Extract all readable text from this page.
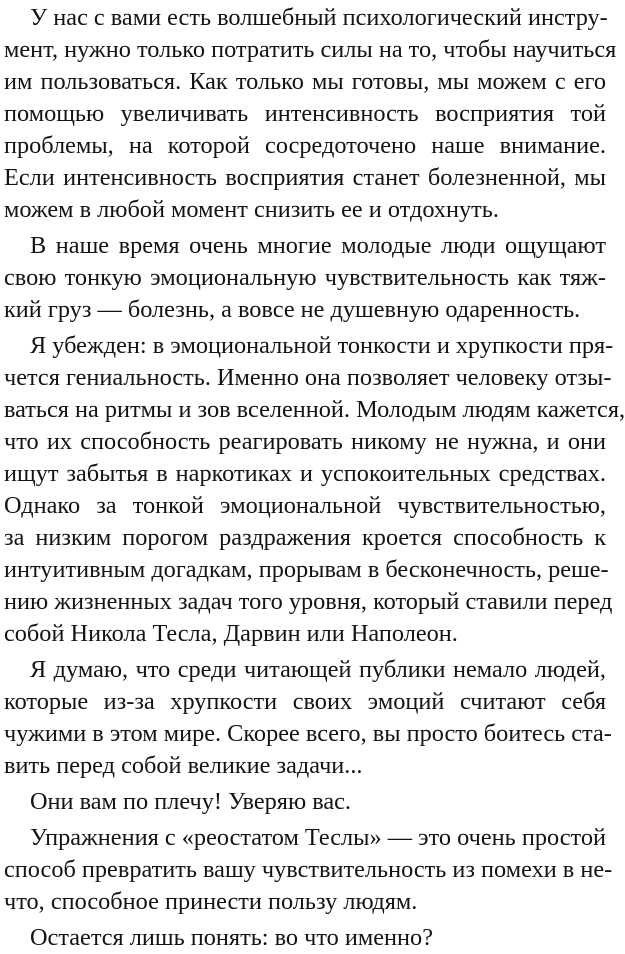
У нас с вами есть волшебный психологический инстру-
мент, нужно только потратить силы на то, чтобы научиться
им пользоваться. Как только мы готовы, мы можем с его
помощью увеличивать интенсивность восприятия той
проблемы, на которой сосредоточено наше внимание.
Если интенсивность восприятия станет болезненной, мы
можем в любой момент снизить ее и отдохнуть.
В наше время очень многие молодые люди ощущают
свою тонкую эмоциональную чувствительность как тяж-
кий груз — болезнь, а вовсе не душевную одаренность.
Я убежден: в эмоциональной тонкости и хрупкости пря-
чется гениальность. Именно она позволяет человеку отзы-
ваться на ритмы и зов вселенной. Молодым людям кажется,
что их способность реагировать никому не нужна, и они
ищут забытья в наркотиках и успокоительных средствах.
Однако за тонкой эмоциональной чувствительностью,
за низким порогом раздражения кроется способность к
интуитивным догадкам, прорывам в бесконечность, реше-
нию жизненных задач того уровня, который ставили перед
собой Никола Тесла, Дарвин или Наполеон.
Я думаю, что среди читающей публики немало людей,
которые из-за хрупкости своих эмоций считают себя
чужими в этом мире. Скорее всего, вы просто боитесь ста-
вить перед собой великие задачи...
Они вам по плечу! Уверяю вас.
Упражнения с «реостатом Теслы» — это очень простой
способ превратить вашу чувствительность из помехи в не-
что, способное принести пользу людям.
Остается лишь понять: во что именно?
